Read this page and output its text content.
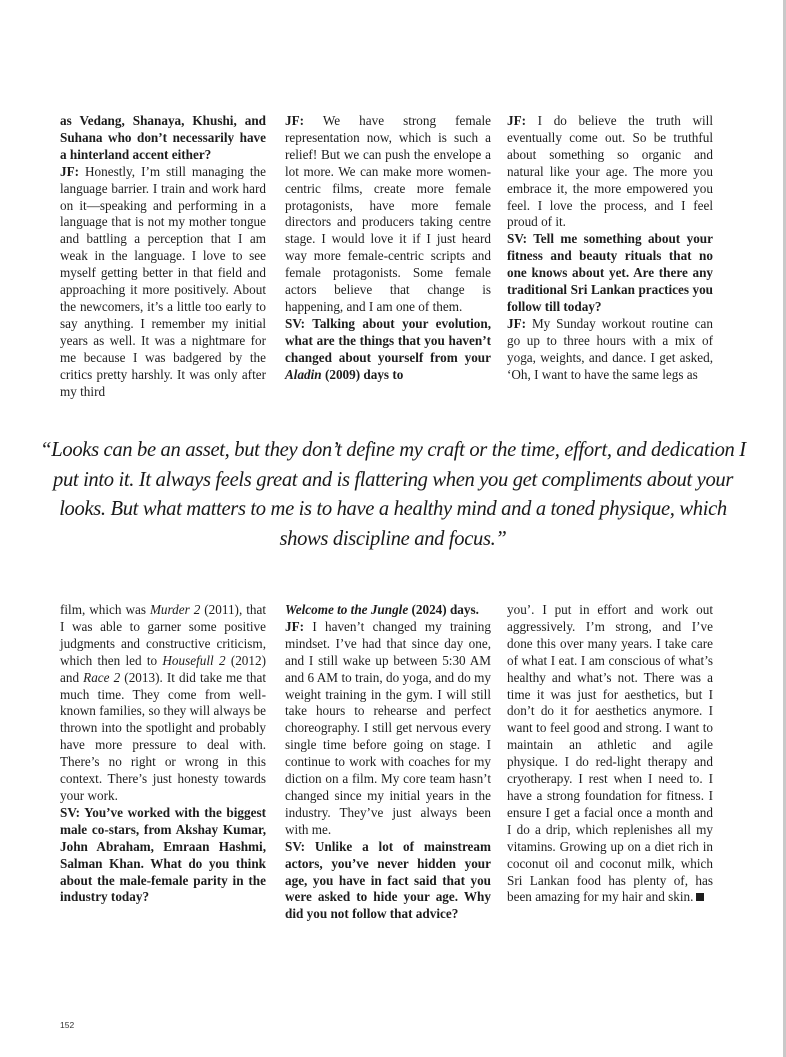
as Vedang, Shanaya, Khushi, and Suhana who don’t necessarily have a hinterland accent either?

JF: Honestly, I’m still managing the language barrier. I train and work hard on it—speaking and performing in a language that is not my mother tongue and battling a perception that I am weak in the language. I love to see myself getting better in that field and approaching it more positively. About the newcomers, it’s a little too early to say anything. I remember my initial years as well. It was a nightmare for me because I was badgered by the critics pretty harshly. It was only after my third

JF: We have strong female representation now, which is such a relief! But we can push the envelope a lot more. We can make more women-centric films, create more female protagonists, have more female directors and producers taking centre stage. I would love it if I just heard way more female-centric scripts and female protagonists. Some female actors believe that change is happening, and I am one of them.

SV: Talking about your evolution, what are the things that you haven’t changed about yourself from your Aladin (2009) days to

JF: I do believe the truth will eventually come out. So be truthful about something so organic and natural like your age. The more you embrace it, the more empowered you feel. I love the process, and I feel proud of it.

SV: Tell me something about your fitness and beauty rituals that no one knows about yet. Are there any traditional Sri Lankan practices you follow till today?

JF: My Sunday workout routine can go up to three hours with a mix of yoga, weights, and dance. I get asked, ‘Oh, I want to have the same legs as

“Looks can be an asset, but they don’t define my craft or the time, effort, and dedication I put into it. It always feels great and is flattering when you get compliments about your looks. But what matters to me is to have a healthy mind and a toned physique, which shows discipline and focus.”

film, which was Murder 2 (2011), that I was able to garner some positive judgments and constructive criticism, which then led to Housefull 2 (2012) and Race 2 (2013). It did take me that much time. They come from well-known families, so they will always be thrown into the spotlight and probably have more pressure to deal with. There’s no right or wrong in this context. There’s just honesty towards your work.

SV: You’ve worked with the biggest male co-stars, from Akshay Kumar, John Abraham, Emraan Hashmi, Salman Khan. What do you think about the male-female parity in the industry today?

Welcome to the Jungle (2024) days.

JF: I haven’t changed my training mindset. I’ve had that since day one, and I still wake up between 5:30 AM and 6 AM to train, do yoga, and do my weight training in the gym. I will still take hours to rehearse and perfect choreography. I still get nervous every single time before going on stage. I continue to work with coaches for my diction on a film. My core team hasn’t changed since my initial years in the industry. They’ve just always been with me.

SV: Unlike a lot of mainstream actors, you’ve never hidden your age, you have in fact said that you were asked to hide your age. Why did you not follow that advice?

you’. I put in effort and work out aggressively. I’m strong, and I’ve done this over many years. I take care of what I eat. I am conscious of what’s healthy and what’s not. There was a time it was just for aesthetics, but I don’t do it for aesthetics anymore. I want to feel good and strong. I want to maintain an athletic and agile physique. I do red-light therapy and cryotherapy. I rest when I need to. I have a strong foundation for fitness. I ensure I get a facial once a month and I do a drip, which replenishes all my vitamins. Growing up on a diet rich in coconut oil and coconut milk, which Sri Lankan food has plenty of, has been amazing for my hair and skin.

152
